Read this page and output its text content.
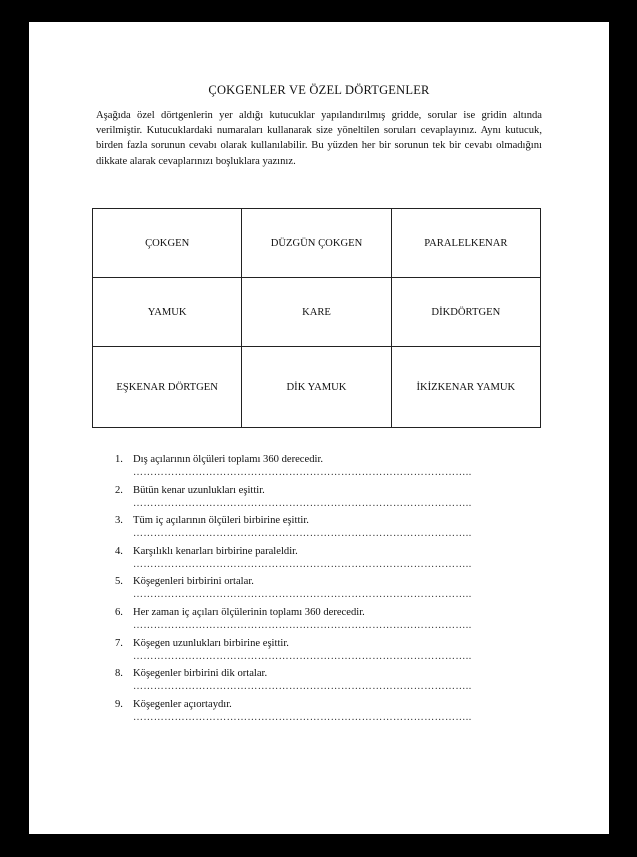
ÇOKGENLER VE ÖZEL DÖRTGENLER

Aşağıda özel dörtgenlerin yer aldığı kutucuklar yapılandırılmış gridde, sorular ise gridin altında verilmiştir. Kutucuklardaki numaraları kullanarak size yöneltilen soruları cevaplayınız. Aynı kutucuk, birden fazla sorunun cevabı olarak kullanılabilir. Bu yüzden her bir sorunun tek bir cevabı olmadığını dikkate alarak cevaplarınızı boşluklara yazınız.

ÇOKGEN	DÜZGÜN ÇOKGEN	PARALELKENAR
YAMUK	KARE	DİKDÖRTGEN
EŞKENAR DÖRTGEN	DİK YAMUK	İKİZKENAR YAMUK
1. Dış açılarının ölçüleri toplamı 360 derecedir.
……………………………………………………………………………………..
2. Bütün kenar uzunlukları eşittir.
……………………………………………………………………………………..
3. Tüm iç açılarının ölçüleri birbirine eşittir.
……………………………………………………………………………………..
4. Karşılıklı kenarları birbirine paraleldir.
……………………………………………………………………………………..
5. Köşegenleri birbirini ortalar.
……………………………………………………………………………………..
6. Her zaman iç açıları ölçülerinin toplamı 360 derecedir.
……………………………………………………………………………………..
7. Köşegen uzunlukları birbirine eşittir.
……………………………………………………………………………………..
8. Köşegenler birbirini dik ortalar.
……………………………………………………………………………………..
9. Köşegenler açıortaydır.
……………………………………………………………………………………..
